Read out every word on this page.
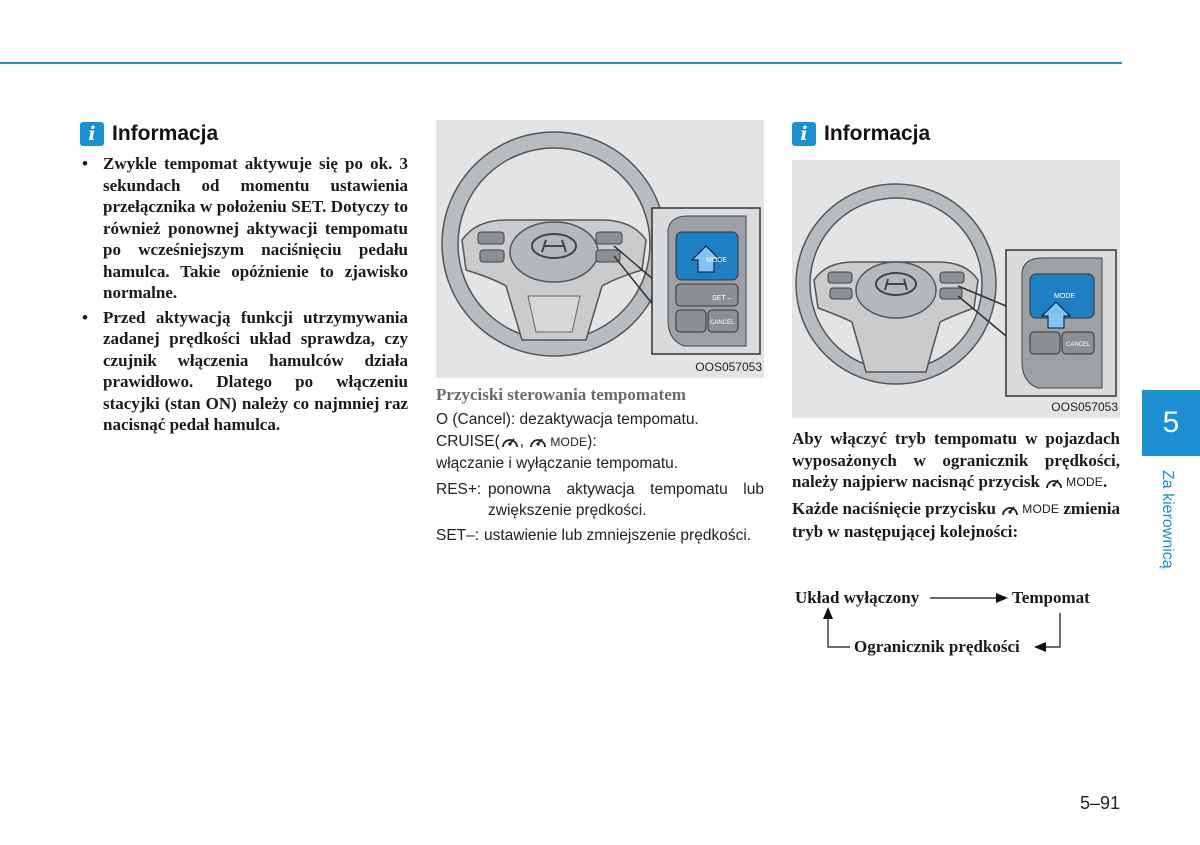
i Informacja
• Zwykle tempomat aktywuje się po ok. 3 sekundach od momentu ustawienia przełącznika w położeniu SET. Dotyczy to również ponownej aktywacji tempomatu po wcześniejszym naciśnięciu pedału hamulca. Takie opóźnienie to zjawisko normalne.
• Przed aktywacją funkcji utrzymywania zadanej prędkości układ sprawdza, czy czujnik włączenia hamulców działa prawidłowo. Dlatego po włączeniu stacyjki (stan ON) należy co najmniej raz nacisnąć pedał hamulca.
MODE
SET –
CANCEL
OOS057053
Przyciski sterowania tempomatem
O (Cancel): dezaktywacja tempomatu.
CRUISE( , MODE ):
włączanie i wyłączanie tempomatu.
RES+: ponowna aktywacja tempomatu lub zwiększenie prędkości.
SET–: ustawienie lub zmniejszenie prędkości.
i Informacja
MODE
CANCEL
OOS057053

Aby włączyć tryb tempomatu w pojazdach wyposażonych w ogranicznik prędkości, należy najpierw nacisnąć przycisk MODE .

Każde naciśnięcie przycisku MODE zmienia tryb w następującej kolejności:

Układ wyłączony	Tempomat
Ogranicznik prędkości
5
Za kierownicą
5–91
